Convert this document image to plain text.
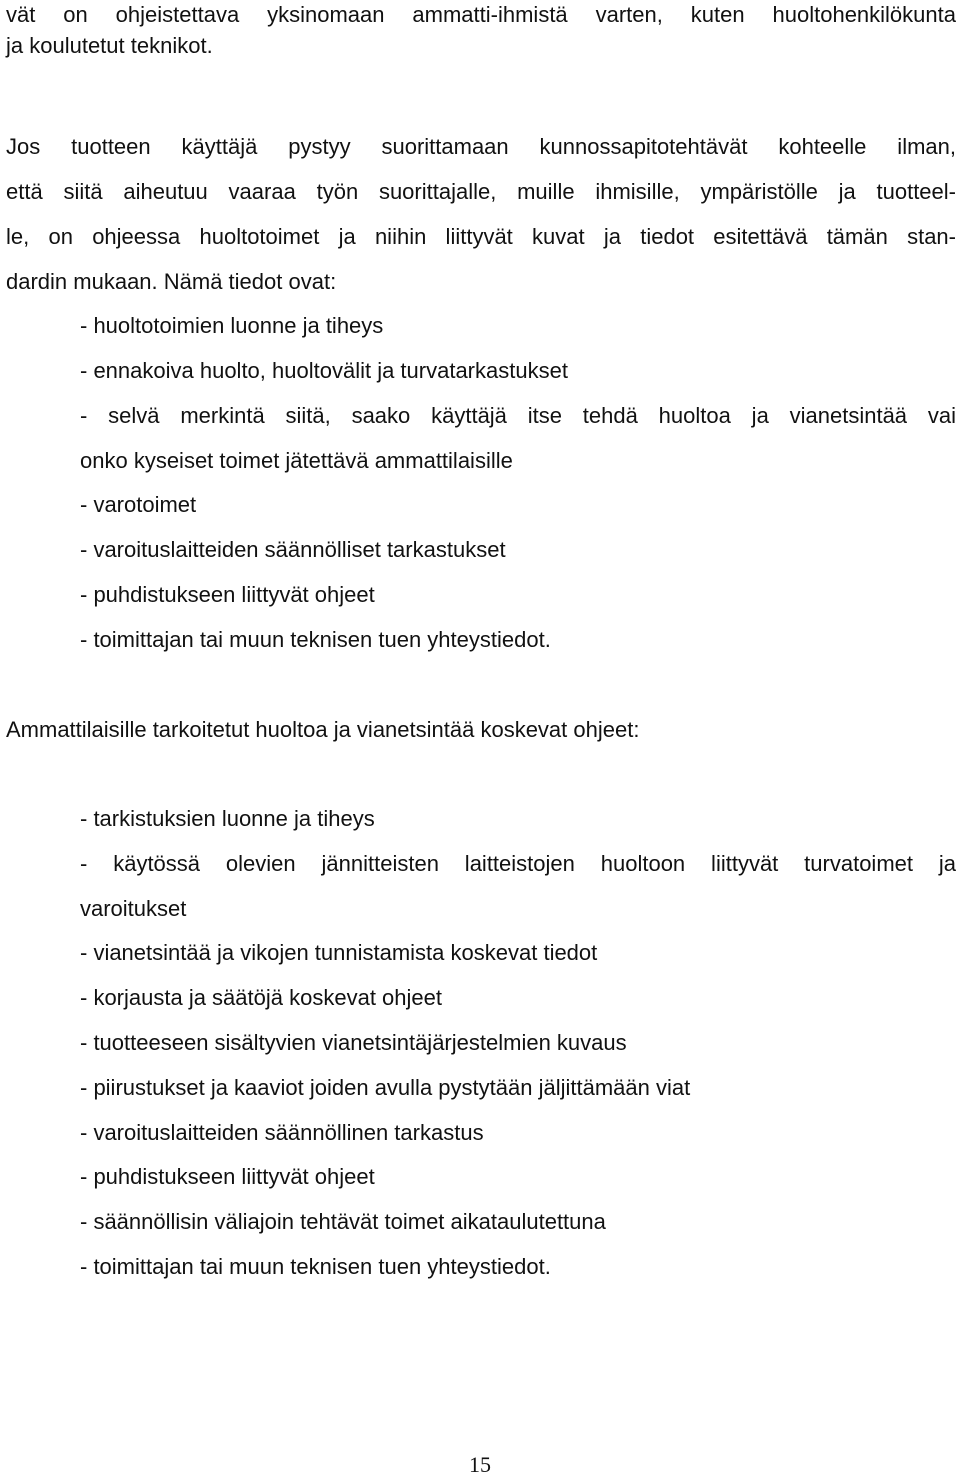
vät on ohjeistettava yksinomaan ammatti-ihmistä varten, kuten huoltohenkilökunta

ja koulutetut teknikot.

Jos tuotteen käyttäjä pystyy suorittamaan kunnossapitotehtävät kohteelle ilman,

että siitä aiheutuu vaaraa työn suorittajalle, muille ihmisille, ympäristölle ja tuotteel-

le, on ohjeessa huoltotoimet ja niihin liittyvät kuvat ja tiedot esitettävä tämän stan-

dardin mukaan. Nämä tiedot ovat:

- huoltotoimien luonne ja tiheys

- ennakoiva huolto, huoltovälit ja turvatarkastukset

- selvä merkintä siitä, saako käyttäjä itse tehdä huoltoa ja vianetsintää vai

onko kyseiset toimet jätettävä ammattilaisille

- varotoimet

- varoituslaitteiden säännölliset tarkastukset

- puhdistukseen liittyvät ohjeet

- toimittajan tai muun teknisen tuen yhteystiedot.

Ammattilaisille tarkoitetut huoltoa ja vianetsintää koskevat ohjeet:

- tarkistuksien luonne ja tiheys

- käytössä olevien jännitteisten laitteistojen huoltoon liittyvät turvatoimet ja

varoitukset

- vianetsintää ja vikojen tunnistamista koskevat tiedot

- korjausta ja säätöjä koskevat ohjeet

- tuotteeseen sisältyvien vianetsintäjärjestelmien kuvaus

- piirustukset ja kaaviot joiden avulla pystytään jäljittämään viat

- varoituslaitteiden säännöllinen tarkastus

- puhdistukseen liittyvät ohjeet

- säännöllisin väliajoin tehtävät toimet aikataulutettuna

- toimittajan tai muun teknisen tuen yhteystiedot.

15
